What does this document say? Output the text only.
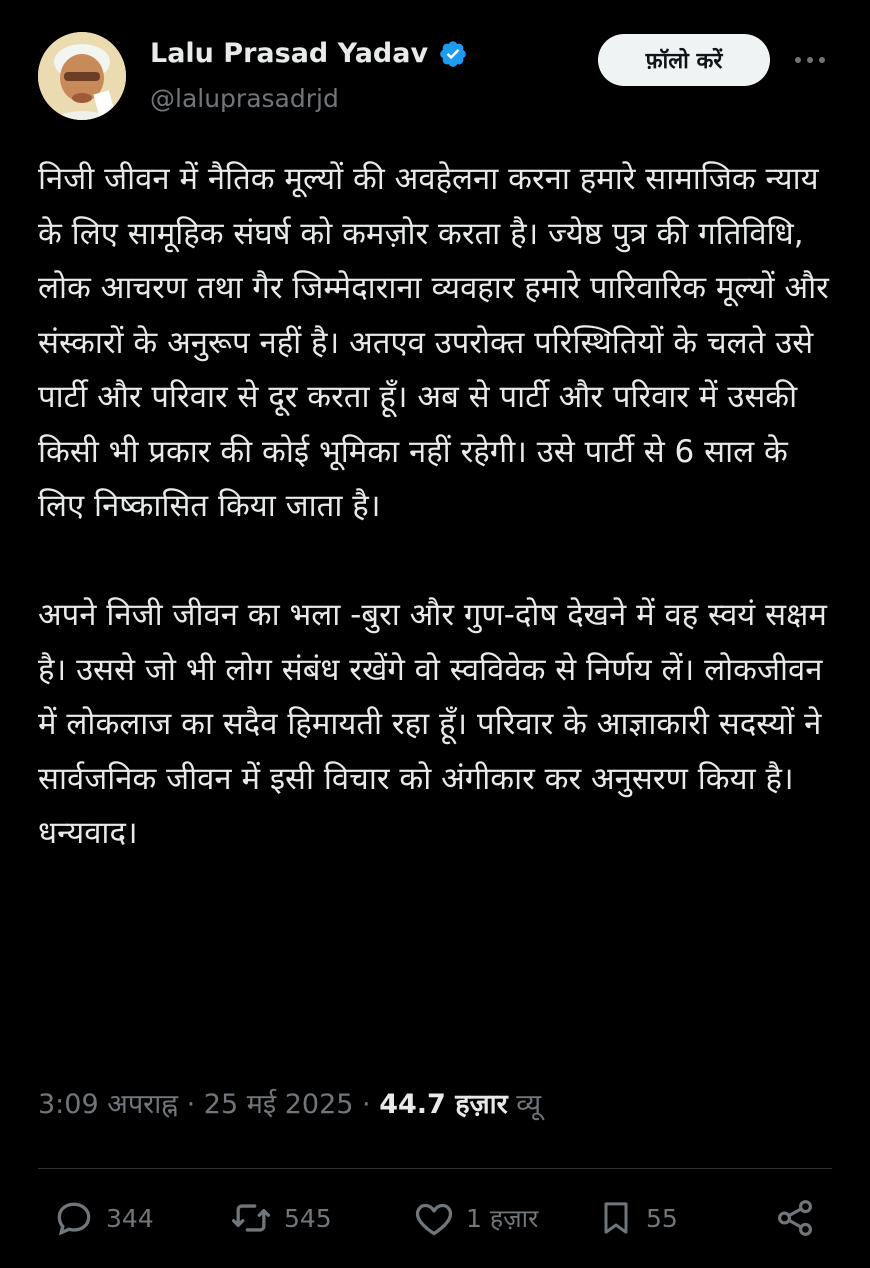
Lalu Prasad Yadav
@laluprasadrjd
फ़ॉलो करें
निजी जीवन में नैतिक मूल्यों की अवहेलना करना हमारे सामाजिक न्याय के लिए सामूहिक संघर्ष को कमज़ोर करता है। ज्येष्ठ पुत्र की गतिविधि, लोक आचरण तथा गैर जिम्मेदाराना व्यवहार हमारे पारिवारिक मूल्यों और संस्कारों के अनुरूप नहीं है। अतएव उपरोक्त परिस्थितियों के चलते उसे पार्टी और परिवार से दूर करता हूँ। अब से पार्टी और परिवार में उसकी किसी भी प्रकार की कोई भूमिका नहीं रहेगी। उसे पार्टी से 6 साल के लिए निष्कासित किया जाता है।

अपने निजी जीवन का भला -बुरा और गुण-दोष देखने में वह स्वयं सक्षम है। उससे जो भी लोग संबंध रखेंगे वो स्वविवेक से निर्णय लें। लोकजीवन में लोकलाज का सदैव हिमायती रहा हूँ। परिवार के आज्ञाकारी सदस्यों ने सार्वजनिक जीवन में इसी विचार को अंगीकार कर अनुसरण किया है। धन्यवाद।
3:09 अपराह्न · 25 मई 2025 · 44.7 हज़ार व्यू
344	545	1 हज़ार	55
